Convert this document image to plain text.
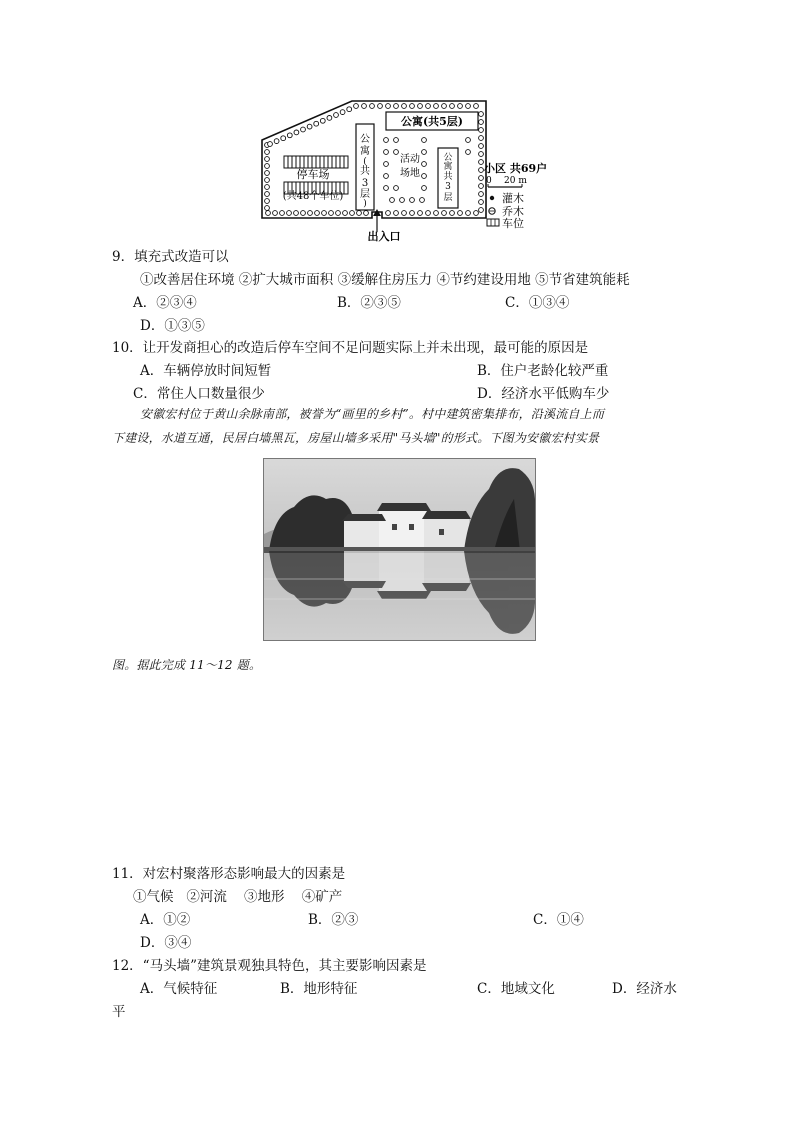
公
寓
(
共
3
层
)
公寓(共5层)
公
寓
共
3
层
停车场
(共48个车位)
活动
场地
出入口
小区 共69户
0 20 m
灌木
乔木
车位
9．填充式改造可以
①改善居住环境 ②扩大城市面积 ③缓解住房压力 ④节约建设用地 ⑤节省建筑能耗
A．②③④	B．②③⑤	C．①③④
D．①③⑤
10．让开发商担心的改造后停车空间不足问题实际上并未出现，最可能的原因是
A．车辆停放时间短暂	B．住户老龄化较严重
C．常住人口数量很少	D．经济水平低购车少
安徽宏村位于黄山余脉南部，被誉为“画里的乡村”。村中建筑密集排布，沿溪流自上而
下建设，水道互通，民居白墙黑瓦，房屋山墙多采用"马头墙"的形式。下图为安徽宏村实景
图。据此完成 11～12 题。
11．对宏村聚落形态影响最大的因素是
①气候   ②河流    ③地形    ④矿产
A．①②	B．②③	C．①④
D．③④
12．“马头墙”建筑景观独具特色，其主要影响因素是
A．气候特征	B．地形特征	C．地域文化	D．经济水
平
